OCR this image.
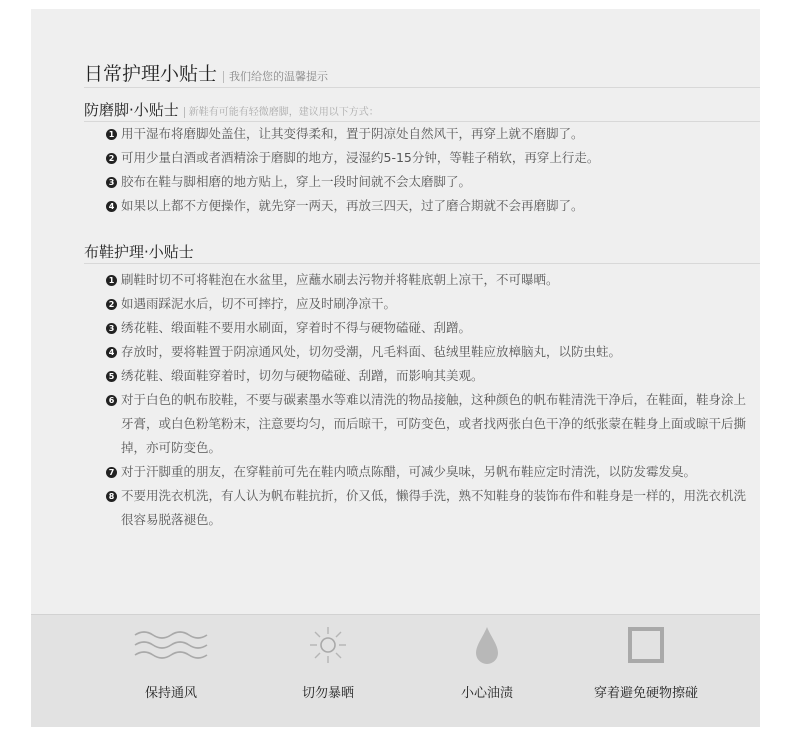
日常护理小贴士	我们给您的温馨提示
防磨脚·小贴士	新鞋有可能有轻微磨脚，建议用以下方式：
1 用干湿布将磨脚处盖住，让其变得柔和，置于阴凉处自然风干，再穿上就不磨脚了。
2 可用少量白酒或者酒精涂于磨脚的地方，浸湿约5-15分钟，等鞋子稍软，再穿上行走。
3 胶布在鞋与脚相磨的地方贴上，穿上一段时间就不会太磨脚了。
4 如果以上都不方便操作，就先穿一两天，再放三四天，过了磨合期就不会再磨脚了。
布鞋护理·小贴士
1 刷鞋时切不可将鞋泡在水盆里，应蘸水刷去污物并将鞋底朝上凉干，不可曝晒。
2 如遇雨踩泥水后，切不可摔拧，应及时刷净凉干。
3 绣花鞋、缎面鞋不要用水刷面，穿着时不得与硬物磕碰、刮蹭。
4 存放时，要将鞋置于阴凉通风处，切勿受潮，凡毛料面、毡绒里鞋应放樟脑丸，以防虫蛀。
5 绣花鞋、缎面鞋穿着时，切勿与硬物磕碰、刮蹭，而影响其美观。
6 对于白色的帆布胶鞋，不要与碳素墨水等难以清洗的物品接触，这种颜色的帆布鞋清洗干净后，在鞋面，鞋身涂上牙膏，或白色粉笔粉末，注意要均匀，而后晾干，可防变色，或者找两张白色干净的纸张蒙在鞋身上面或晾干后撕掉，亦可防变色。
7 对于汗脚重的朋友，在穿鞋前可先在鞋内喷点陈醋，可减少臭味，另帆布鞋应定时清洗，以防发霉发臭。
8 不要用洗衣机洗，有人认为帆布鞋抗折，价又低，懒得手洗，熟不知鞋身的装饰布件和鞋身是一样的，用洗衣机洗很容易脱落褪色。
保持通风	切勿暴晒	小心油渍	穿着避免硬物擦碰
